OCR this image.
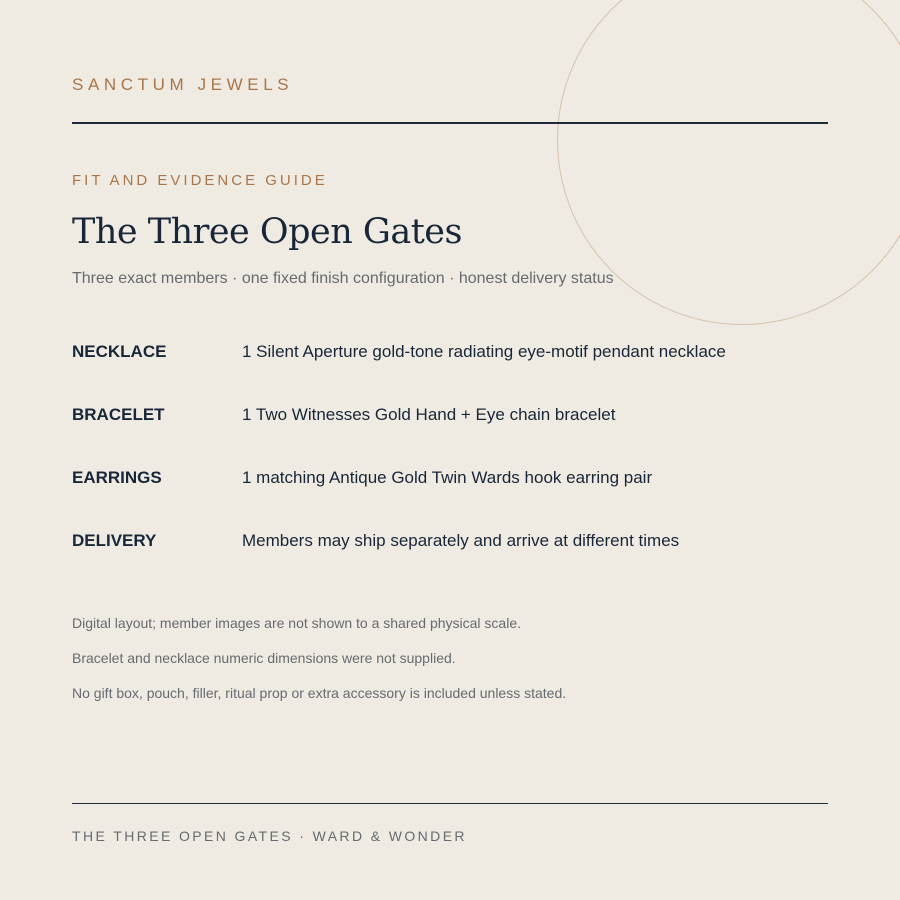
SANCTUM JEWELS
FIT AND EVIDENCE GUIDE
The Three Open Gates
Three exact members · one fixed finish configuration · honest delivery status
NECKLACE	1 Silent Aperture gold-tone radiating eye-motif pendant necklace
BRACELET	1 Two Witnesses Gold Hand + Eye chain bracelet
EARRINGS	1 matching Antique Gold Twin Wards hook earring pair
DELIVERY	Members may ship separately and arrive at different times
Digital layout; member images are not shown to a shared physical scale.
Bracelet and necklace numeric dimensions were not supplied.
No gift box, pouch, filler, ritual prop or extra accessory is included unless stated.
THE THREE OPEN GATES · WARD & WONDER
